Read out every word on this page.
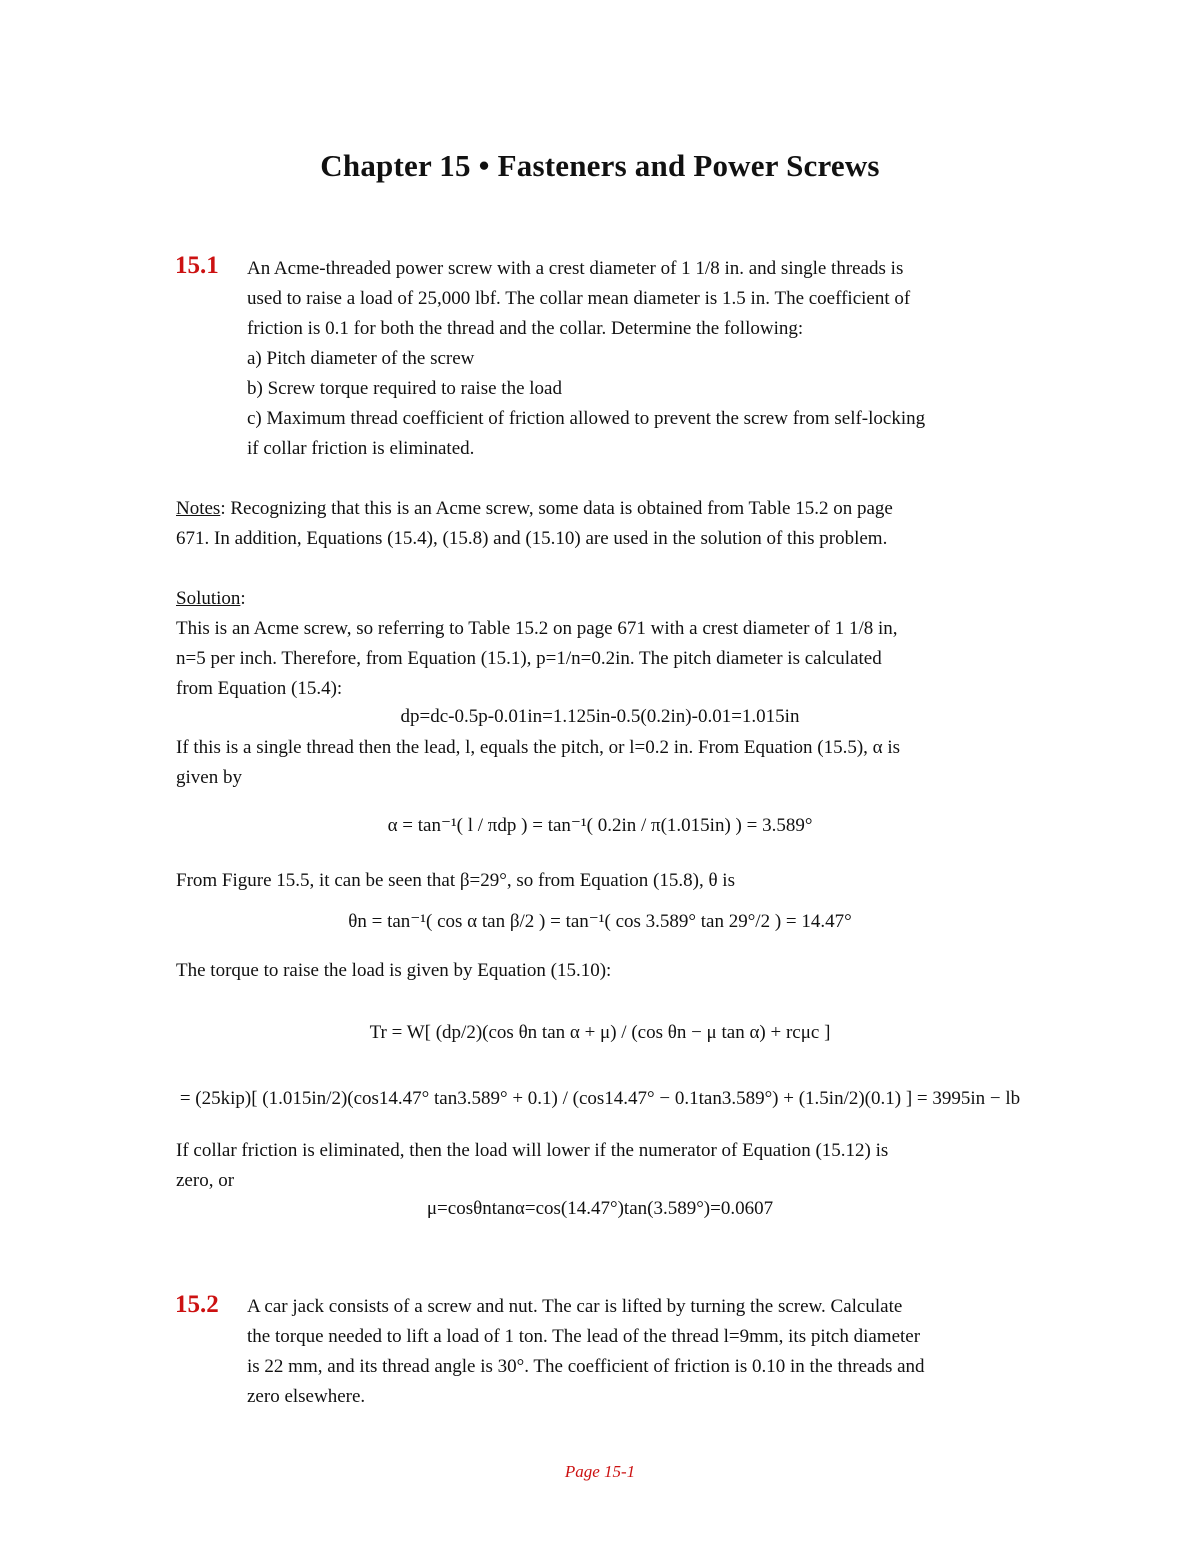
Chapter 15 • Fasteners and Power Screws
15.1 An Acme-threaded power screw with a crest diameter of 1 1/8 in. and single threads is
used to raise a load of 25,000 lbf. The collar mean diameter is 1.5 in. The coefficient of
friction is 0.1 for both the thread and the collar. Determine the following:
a) Pitch diameter of the screw
b) Screw torque required to raise the load
c) Maximum thread coefficient of friction allowed to prevent the screw from self-locking
if collar friction is eliminated.
Notes: Recognizing that this is an Acme screw, some data is obtained from Table 15.2 on page
671. In addition, Equations (15.4), (15.8) and (15.10) are used in the solution of this problem.
Solution:
This is an Acme screw, so referring to Table 15.2 on page 671 with a crest diameter of 1 1/8 in,
n=5 per inch. Therefore, from Equation (15.1), p=1/n=0.2in. The pitch diameter is calculated
from Equation (15.4):
dp=dc-0.5p-0.01in=1.125in-0.5(0.2in)-0.01=1.015in
If this is a single thread then the lead, l, equals the pitch, or l=0.2 in. From Equation (15.5), α is
given by
α = tan⁻¹( l / πdp ) = tan⁻¹( 0.2in / π(1.015in) ) = 3.589°
From Figure 15.5, it can be seen that β=29°, so from Equation (15.8), θ is
θn = tan⁻¹( cos α tan β/2 ) = tan⁻¹( cos 3.589° tan 29°/2 ) = 14.47°
The torque to raise the load is given by Equation (15.10):
Tr = W[ (dp/2)(cos θn tan α + μ) / (cos θn − μ tan α) + rcμc ]
= (25kip)[ (1.015in/2)(cos14.47° tan3.589° + 0.1) / (cos14.47° − 0.1tan3.589°) + (1.5in/2)(0.1) ] = 3995in − lb
If collar friction is eliminated, then the load will lower if the numerator of Equation (15.12) is
zero, or
μ=cosθntanα=cos(14.47°)tan(3.589°)=0.0607
15.2 A car jack consists of a screw and nut. The car is lifted by turning the screw. Calculate
the torque needed to lift a load of 1 ton. The lead of the thread l=9mm, its pitch diameter
is 22 mm, and its thread angle is 30°. The coefficient of friction is 0.10 in the threads and
zero elsewhere.
Page 15-1
